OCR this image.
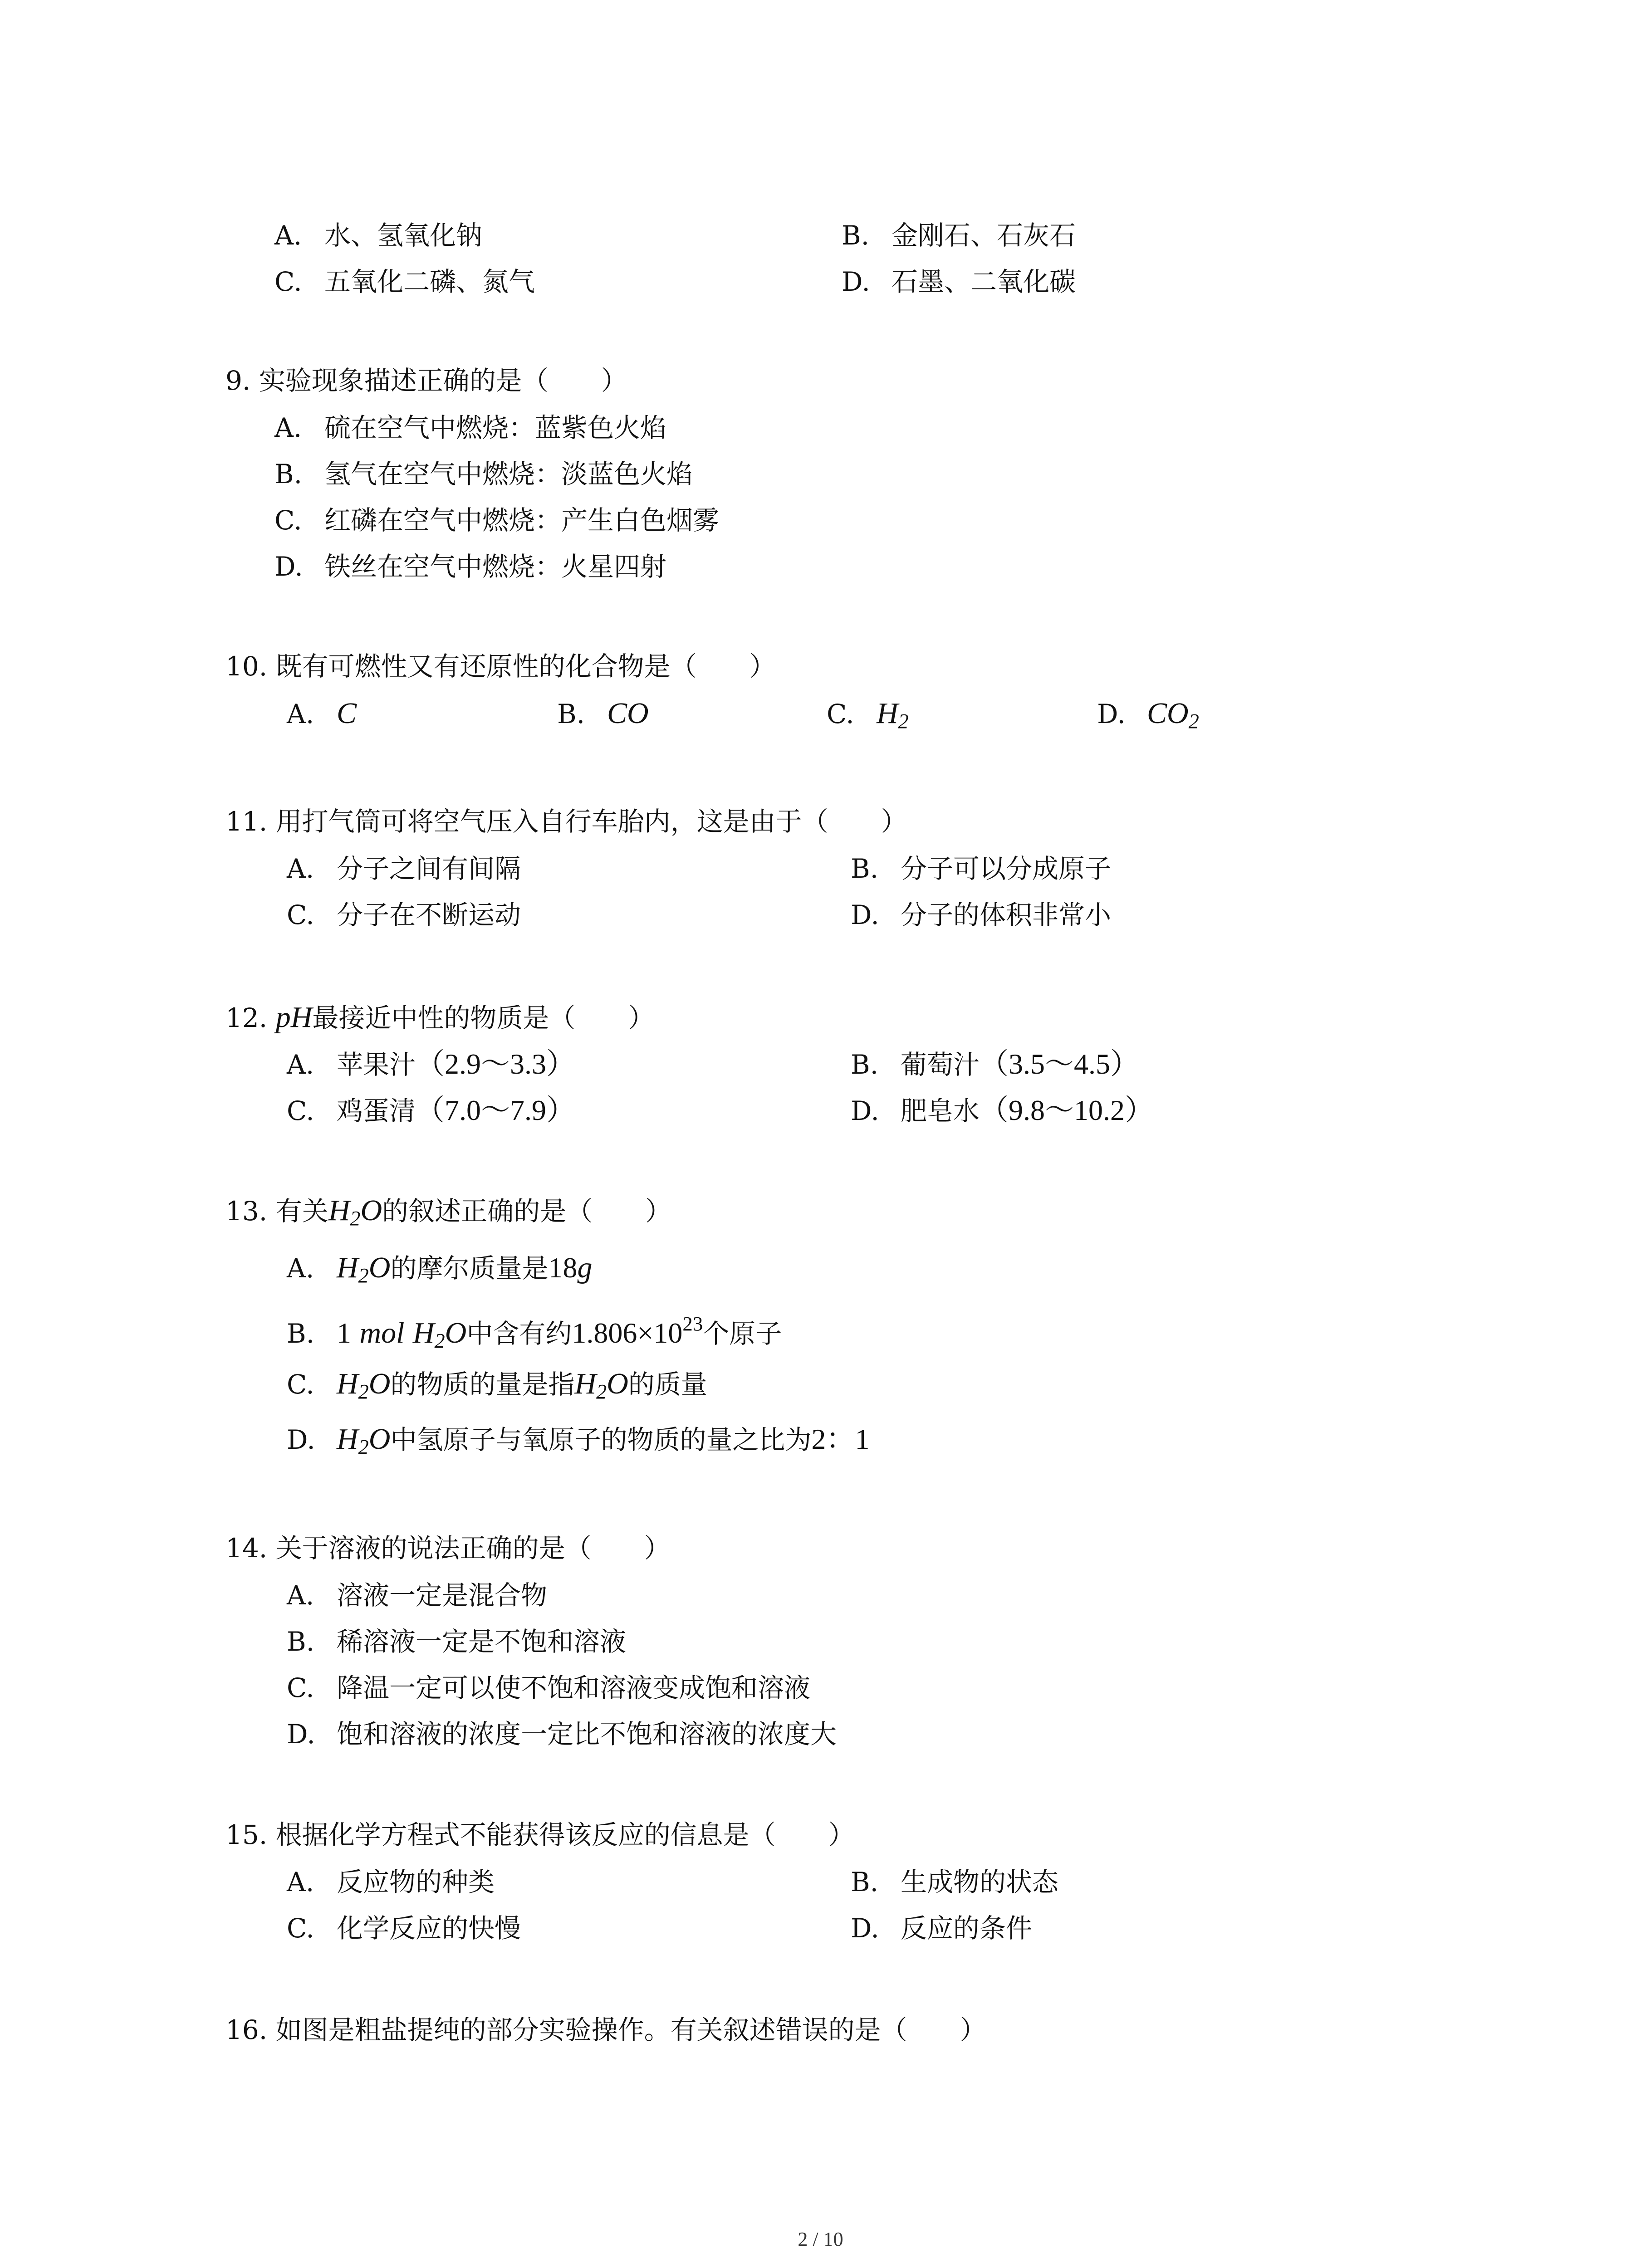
A. 水、氢氧化钠	B. 金刚石、石灰石
C. 五氧化二磷、氮气	D. 石墨、二氧化碳
9. 实验现象描述正确的是（　　）
A. 硫在空气中燃烧：蓝紫色火焰
B. 氢气在空气中燃烧：淡蓝色火焰
C. 红磷在空气中燃烧：产生白色烟雾
D. 铁丝在空气中燃烧：火星四射
10. 既有可燃性又有还原性的化合物是（　　）
A. C	B. CO	C. $H_2$	D. $CO_2$
11. 用打气筒可将空气压入自行车胎内，这是由于（　　）
A. 分子之间有间隔	B. 分子可以分成原子
C. 分子在不断运动	D. 分子的体积非常小
12. pH最接近中性的物质是（　　）
A. 苹果汁（2.9～3.3）	B. 葡萄汁（3.5～4.5）
C. 鸡蛋清（7.0～7.9）	D. 肥皂水（9.8～10.2）
13. 有关$H_2O$的叙述正确的是（　　）
A. $H_2O$的摩尔质量是18g
B. 1 mol $H_2O$中含有约$1.806\times 10^{23}$个原子
C. $H_2O$的物质的量是指$H_2O$的质量
D. $H_2O$中氢原子与氧原子的物质的量之比为2：1
14. 关于溶液的说法正确的是（　　）
A. 溶液一定是混合物
B. 稀溶液一定是不饱和溶液
C. 降温一定可以使不饱和溶液变成饱和溶液
D. 饱和溶液的浓度一定比不饱和溶液的浓度大
15. 根据化学方程式不能获得该反应的信息是（　　）
A. 反应物的种类	B. 生成物的状态
C. 化学反应的快慢	D. 反应的条件
16. 如图是粗盐提纯的部分实验操作。有关叙述错误的是（　　）
2 / 10
